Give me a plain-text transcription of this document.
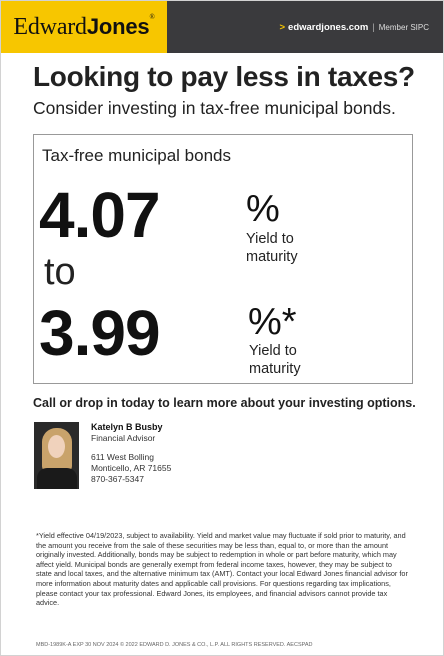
EdwardJones®
> edwardjones.com | Member SIPC
Looking to pay less in taxes?
Consider investing in tax-free municipal bonds.
Tax-free municipal bonds
4.07
to
3.99
%
Yield to
maturity
%*
Yield to
maturity
Call or drop in today to learn more about your investing options.
Katelyn B Busby
Financial Advisor
611 West Bolling
Monticello, AR 71655
870-367-5347
*Yield effective 04/19/2023, subject to availability. Yield and market value may fluctuate if sold prior to maturity, and the amount you receive from the sale of these securities may be less than, equal to, or more than the amount originally invested. Additionally, bonds may be subject to redemption in whole or part before maturity, which may affect yield. Municipal bonds are generally exempt from federal income taxes, however, they may be subject to state and local taxes, and the alternative minimum tax (AMT). Contact your local Edward Jones financial advisor for more information about maturity dates and applicable call provisions. For questions regarding tax implications, please contact your tax professional. Edward Jones, its employees, and financial advisors cannot provide tax advice.
MBD-1989K-A EXP 30 NOV 2024 © 2022 EDWARD D. JONES & CO., L.P. ALL RIGHTS RESERVED. AECSPAD
